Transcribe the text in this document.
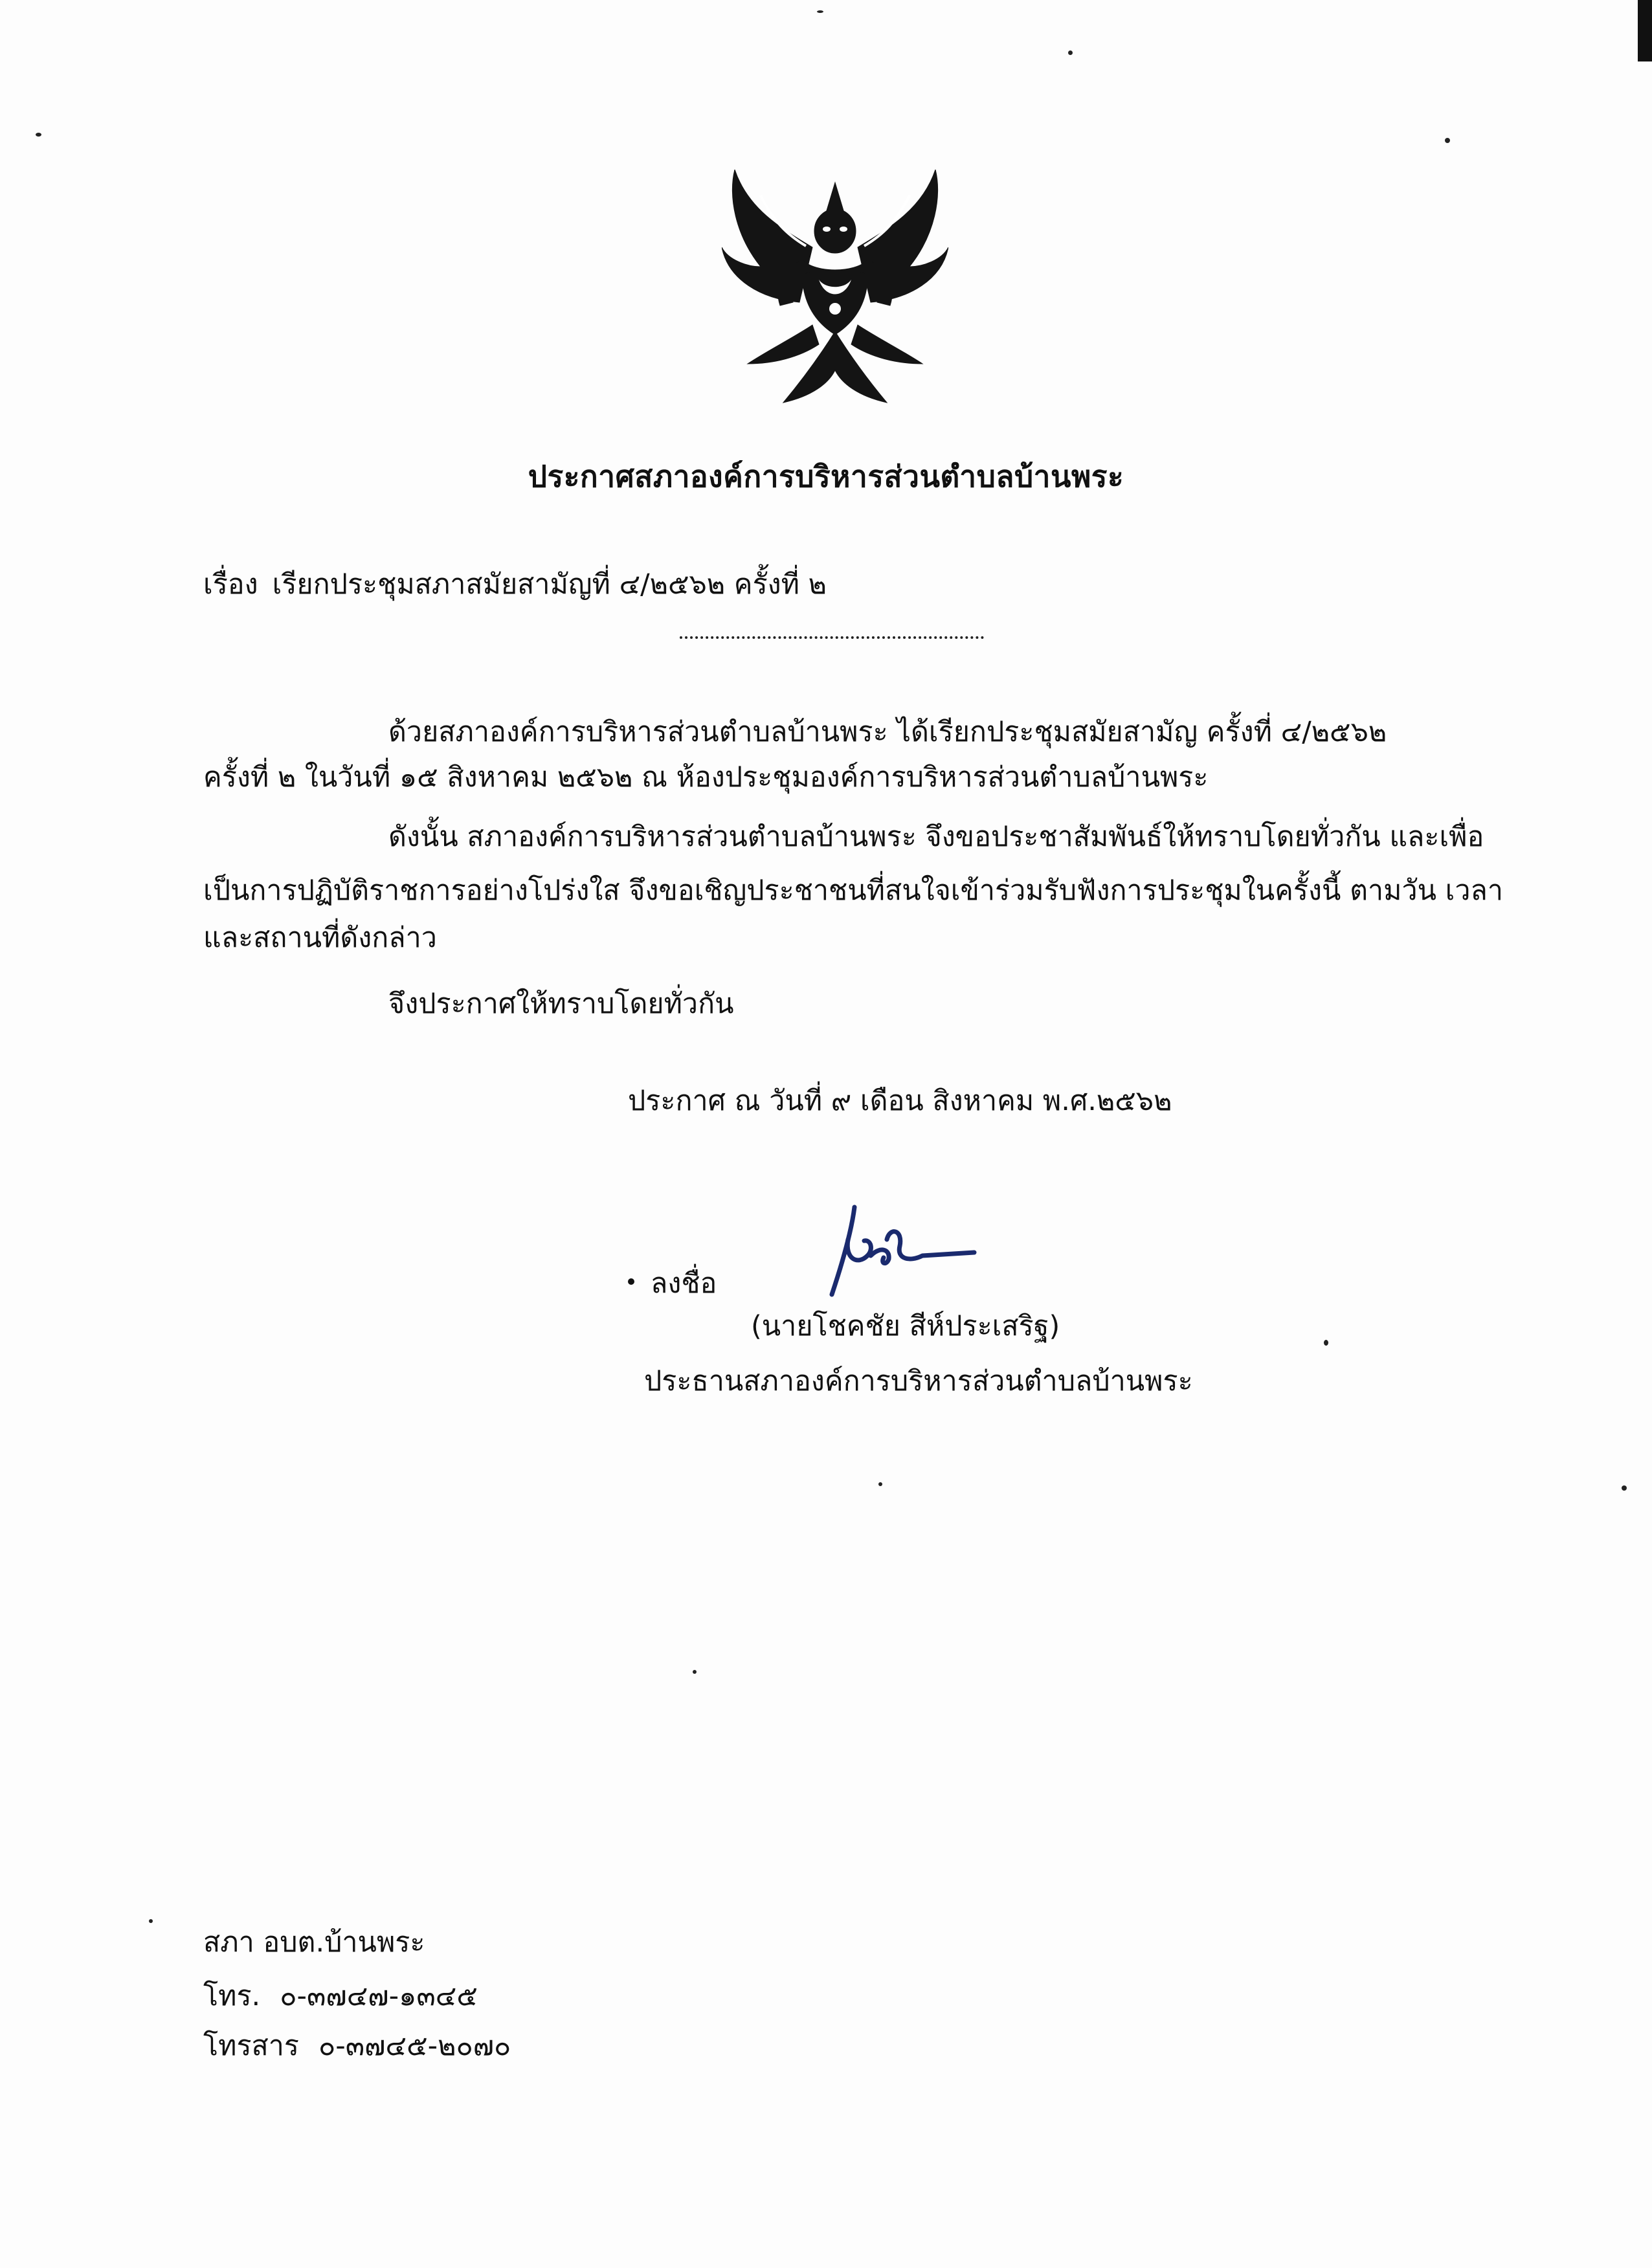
ประกาศสภาองค์การบริหารส่วนตำบลบ้านพระ
เรื่อง เรียกประชุมสภาสมัยสามัญที่ ๔/๒๕๖๒ ครั้งที่ ๒
ด้วยสภาองค์การบริหารส่วนตำบลบ้านพระ ได้เรียกประชุมสมัยสามัญ ครั้งที่ ๔/๒๕๖๒
ครั้งที่ ๒ ในวันที่ ๑๕ สิงหาคม ๒๕๖๒ ณ ห้องประชุมองค์การบริหารส่วนตำบลบ้านพระ
ดังนั้น สภาองค์การบริหารส่วนตำบลบ้านพระ จึงขอประชาสัมพันธ์ให้ทราบโดยทั่วกัน และเพื่อ
เป็นการปฏิบัติราชการอย่างโปร่งใส จึงขอเชิญประชาชนที่สนใจเข้าร่วมรับฟังการประชุมในครั้งนี้ ตามวัน เวลา
และสถานที่ดังกล่าว
จึงประกาศให้ทราบโดยทั่วกัน
ประกาศ ณ วันที่ ๙ เดือน สิงหาคม พ.ศ.๒๕๖๒
ลงชื่อ
(นายโชคชัย สีห์ประเสริฐ)
ประธานสภาองค์การบริหารส่วนตำบลบ้านพระ
สภา อบต.บ้านพระ
โทร. ๐-๓๗๔๗-๑๓๔๕
โทรสาร ๐-๓๗๔๕-๒๐๗๐
